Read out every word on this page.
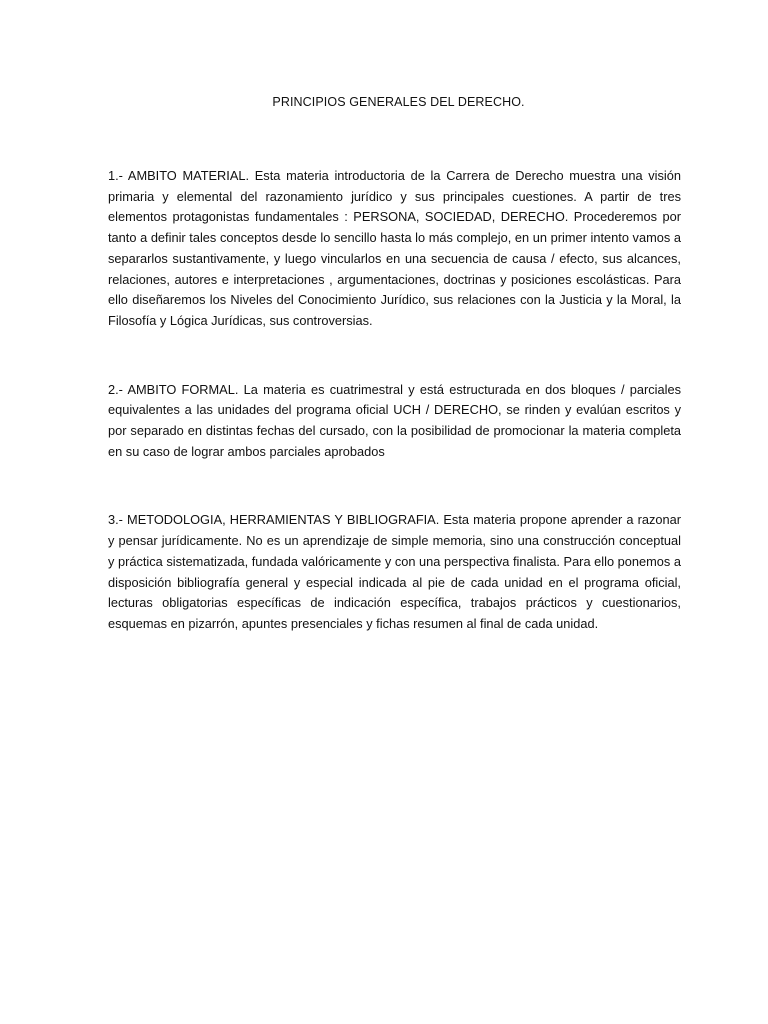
PRINCIPIOS GENERALES DEL DERECHO.

1.- AMBITO MATERIAL. Esta materia introductoria de la Carrera de Derecho muestra una visión primaria y elemental del razonamiento jurídico y sus principales cuestiones. A partir de tres elementos protagonistas fundamentales : PERSONA, SOCIEDAD, DERECHO. Procederemos por tanto a definir tales conceptos desde lo sencillo hasta lo más complejo, en un primer intento vamos a separarlos sustantivamente, y luego vincularlos en una secuencia de causa / efecto, sus alcances, relaciones, autores e interpretaciones , argumentaciones, doctrinas y posiciones escolásticas. Para ello diseñaremos los Niveles del Conocimiento Jurídico, sus relaciones con la Justicia y la Moral, la Filosofía y Lógica Jurídicas, sus controversias.

2.- AMBITO FORMAL. La materia es cuatrimestral y está estructurada en dos bloques / parciales equivalentes a las unidades del programa oficial UCH / DERECHO, se rinden y evalúan escritos y por separado en distintas fechas del cursado, con la posibilidad de promocionar la materia completa en su caso de lograr ambos parciales aprobados

3.- METODOLOGIA, HERRAMIENTAS Y BIBLIOGRAFIA. Esta materia propone aprender a razonar y pensar jurídicamente. No es un aprendizaje de simple memoria, sino una construcción conceptual y práctica sistematizada, fundada valóricamente y con una perspectiva finalista. Para ello ponemos a disposición bibliografía general y especial indicada al pie de cada unidad en el programa oficial, lecturas obligatorias específicas de indicación específica, trabajos prácticos y cuestionarios, esquemas en pizarrón, apuntes presenciales y fichas resumen al final de cada unidad.
